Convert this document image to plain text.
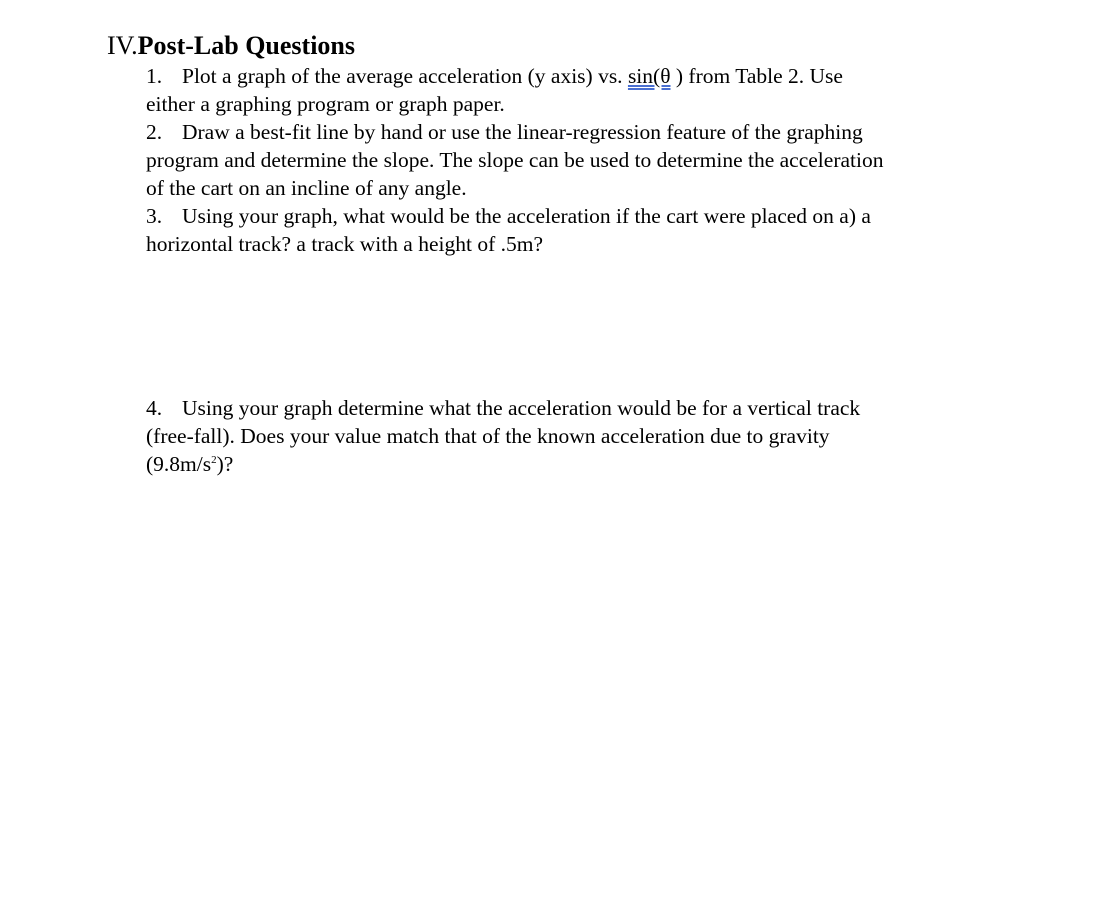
IV.Post-Lab Questions
1. Plot a graph of the average acceleration (y axis) vs. sin(θ ) from Table 2. Use
either a graphing program or graph paper.
2. Draw a best-fit line by hand or use the linear-regression feature of the graphing
program and determine the slope. The slope can be used to determine the acceleration
of the cart on an incline of any angle.
3. Using your graph, what would be the acceleration if the cart were placed on a) a
horizontal track? a track with a height of .5m?
4. Using your graph determine what the acceleration would be for a vertical track
(free-fall). Does your value match that of the known acceleration due to gravity
$(9.8m/s^2)$?
